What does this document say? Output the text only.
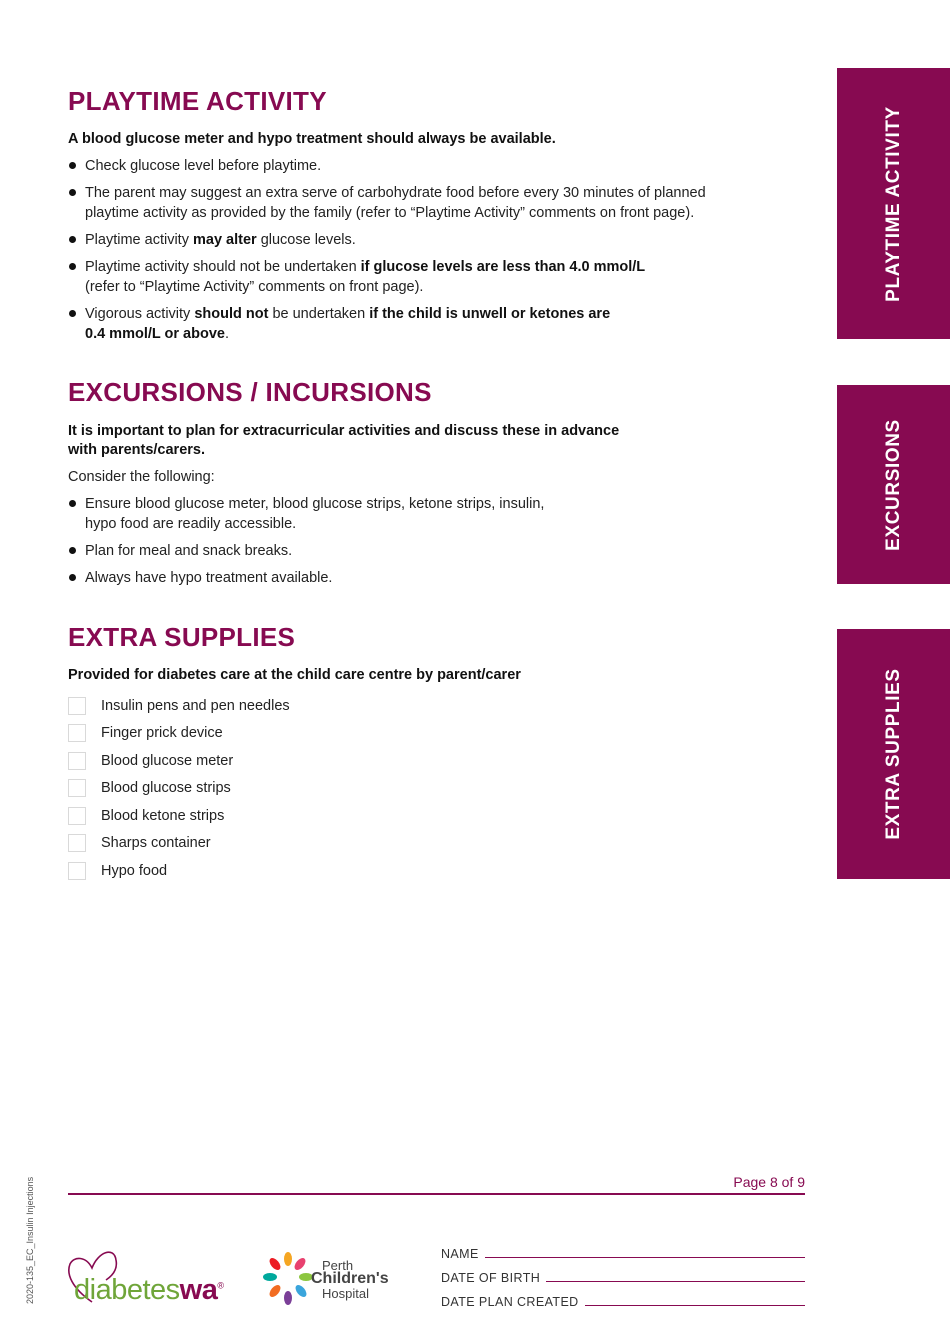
PLAYTIME ACTIVITY

A blood glucose meter and hypo treatment should always be available.

Check glucose level before playtime.
The parent may suggest an extra serve of carbohydrate food before every 30 minutes of planned
playtime activity as provided by the family (refer to “Playtime Activity” comments on front page).
Playtime activity may alter glucose levels.
Playtime activity should not be undertaken if glucose levels are less than 4.0 mmol/L
(refer to “Playtime Activity” comments on front page).
Vigorous activity should not be undertaken if the child is unwell or ketones are
0.4 mmol/L or above.
EXCURSIONS / INCURSIONS

It is important to plan for extracurricular activities and discuss these in advance
with parents/carers.

Consider the following:

Ensure blood glucose meter, blood glucose strips, ketone strips, insulin,
hypo food are readily accessible.
Plan for meal and snack breaks.
Always have hypo treatment available.
EXTRA SUPPLIES

Provided for diabetes care at the child care centre by parent/carer

Insulin pens and pen needles
Finger prick device
Blood glucose meter
Blood glucose strips
Blood ketone strips
Sharps container
Hypo food
PLAYTIME ACTIVITY
EXCURSIONS
EXTRA SUPPLIES
2020-135_EC_Insulin Injections	Page 8 of 9
diabeteswa®
Perth
Children's
Hospital
NAME
DATE OF BIRTH
DATE PLAN CREATED
